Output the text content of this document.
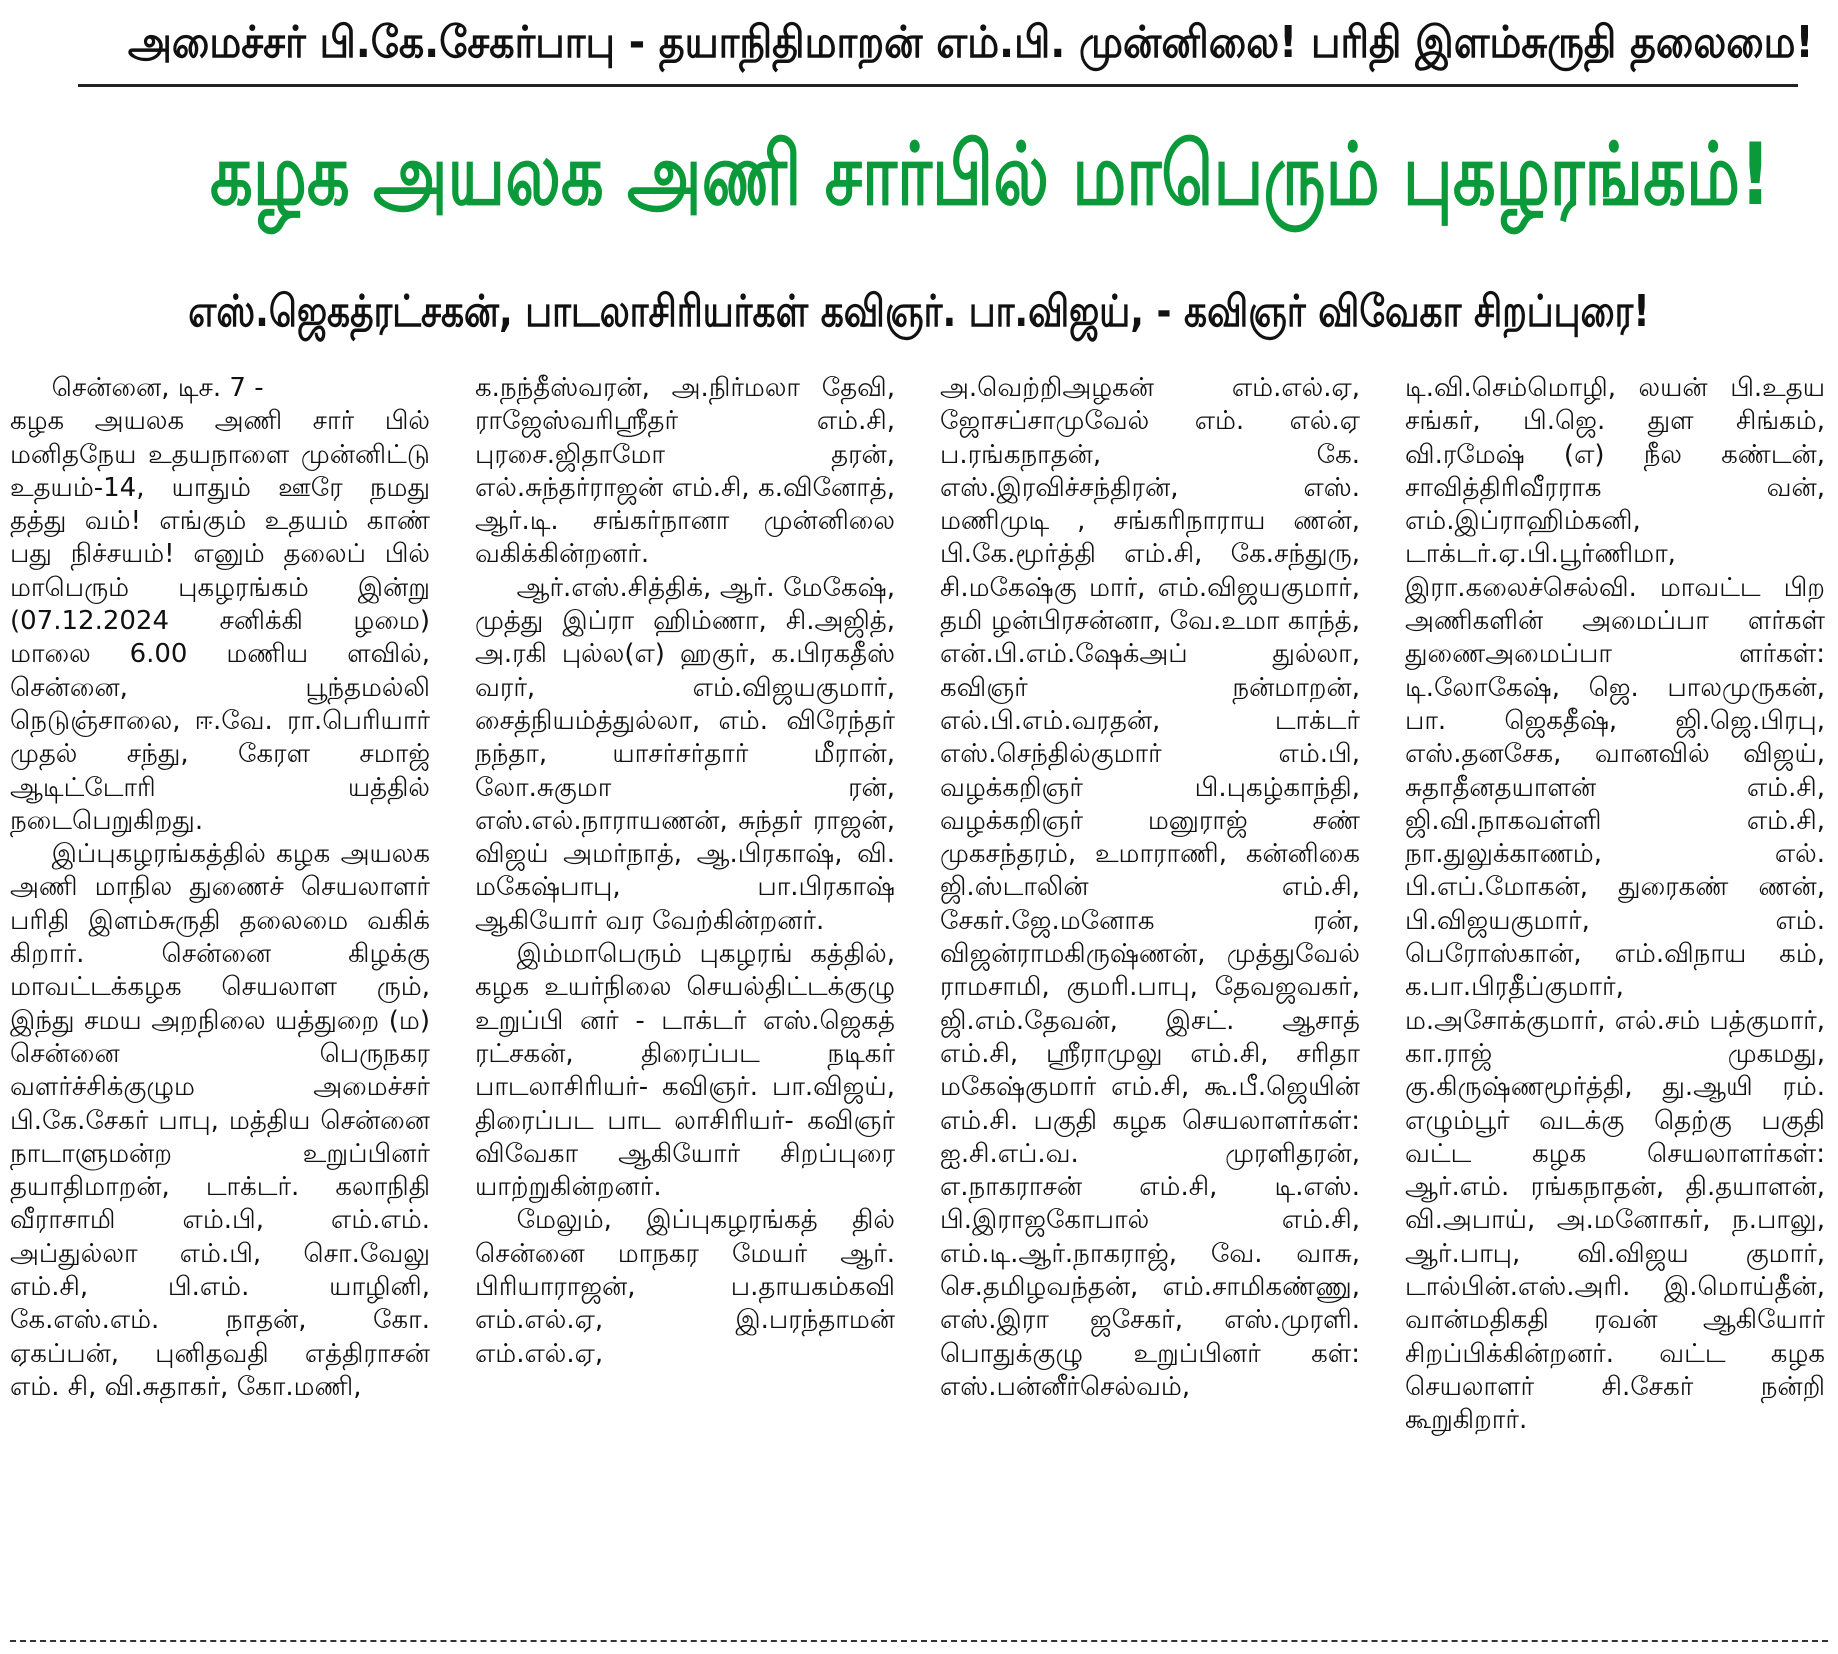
அமைச்சர் பி.கே.சேகர்பாபு - தயாநிதிமாறன் எம்.பி. முன்னிலை! பரிதி இளம்சுருதி தலைமை!
கழக அயலக அணி சார்பில் மாபெரும் புகழரங்கம்!
எஸ்.ஜெகத்ரட்சகன், பாடலாசிரியர்கள் கவிஞர். பா.விஜய், - கவிஞர் விவேகா சிறப்புரை!

சென்னை, டிச. 7 -

கழக அயலக அணி சார் பில் மனிதநேய உதயநாளை முன்னிட்டு உதயம்-14, யாதும் ஊரே நமது தத்து வம்! எங்கும் உதயம் காண் பது நிச்சயம்! எனும் தலைப் பில் மாபெரும் புகழரங்கம் இன்று (07.12.2024 சனிக்கி ழமை) மாலை 6.00 மணிய ளவில், சென்னை, பூந்தமல்லி நெடுஞ்சாலை, ஈ.வே. ரா.பெரியார் முதல் சந்து, கேரள சமாஜ் ஆடிட்டோரி யத்தில் நடைபெறுகிறது.

இப்புகழரங்கத்தில் கழக அயலக அணி மாநில துணைச் செயலாளர் பரிதி இளம்சுருதி தலைமை வகிக் கிறார். சென்னை கிழக்கு மாவட்டக்கழக செயலாள ரும், இந்து சமய அறநிலை யத்துறை (ம) சென்னை பெருநகர வளர்ச்சிக்குழும அமைச்சர் பி.கே.சேகர் பாபு, மத்திய சென்னை நாடாளுமன்ற உறுப்பினர் தயாதிமாறன், டாக்டர். கலாநிதி வீராசாமி எம்.பி, எம்.எம். அப்துல்லா எம்.பி, சொ.வேலு எம்.சி, பி.எம். யாழினி, கே.எஸ்.எம். நாதன், கோ. ஏகப்பன், புனிதவதி எத்திராசன் எம். சி, வி.சுதாகர், கோ.மணி,

க.நந்தீஸ்வரன், அ.நிர்மலா தேவி, ராஜேஸ்வரிஸ்ரீதர் எம்.சி, புரசை.ஜிதாமோ தரன், எல்.சுந்தர்ராஜன் எம்.சி, க.வினோத், ஆர்.டி. சங்கர்நானா முன்னிலை வகிக்கின்றனர்.

ஆர்.எஸ்.சித்திக், ஆர். மேகேஷ், முத்து இப்ரா ஹிம்ணா, சி.அஜித், அ.ரகி புல்ல(எ) ஹகுர், க.பிரகதீஸ் வரர், எம்.விஜயகுமார், சைத்நியம்த்துல்லா, எம். விரேந்தர் நந்தா, யாசர்சர்தார் மீரான், லோ.சுகுமா ரன், எஸ்.எல்.நாராயணன், சுந்தர் ராஜன், விஜய் அமர்நாத், ஆ.பிரகாஷ், வி. மகேஷ்பாபு, பா.பிரகாஷ் ஆகியோர் வர வேற்கின்றனர்.

இம்மாபெரும் புகழரங் கத்தில், கழக உயர்நிலை செயல்திட்டக்குழு உறுப்பி னர் - டாக்டர் எஸ்.ஜெகத் ரட்சகன், திரைப்பட நடிகர் பாடலாசிரியர்- கவிஞர். பா.விஜய், திரைப்பட பாட லாசிரியர்- கவிஞர் விவேகா ஆகியோர் சிறப்புரை யாற்றுகின்றனர்.

மேலும், இப்புகழரங்கத் தில் சென்னை மாநகர மேயர் ஆர். பிரியாராஜன், ப.தாயகம்கவி எம்.எல்.ஏ, இ.பரந்தாமன் எம்.எல்.ஏ,

அ.வெற்றிஅழகன் எம்.எல்.ஏ, ஜோசப்சாமுவேல் எம். எல்.ஏ ப.ரங்கநாதன், கே. எஸ்.இரவிச்சந்திரன், எஸ். மணிமுடி , சங்கரிநாராய ணன், பி.கே.மூர்த்தி எம்.சி, கே.சந்துரு, சி.மகேஷ்கு மார், எம்.விஜயகுமார், தமி ழன்பிரசன்னா, வே.உமா காந்த், என்.பி.எம்.ஷேக்அப் துல்லா, கவிஞர் நன்மாறன், எல்.பி.எம்.வரதன், டாக்டர் எஸ்.செந்தில்குமார் எம்.பி, வழக்கறிஞர் பி.புகழ்காந்தி, வழக்கறிஞர் மனுராஜ் சண் முகசந்தரம், உமாராணி, கன்னிகை ஜி.ஸ்டாலின் எம்.சி, சேகர்.ஜே.மனோக ரன், விஜன்ராமகிருஷ்ணன், முத்துவேல் ராமசாமி, குமரி.பாபு, தேவஜவகர், ஜி.எம்.தேவன், இசட். ஆசாத் எம்.சி, ஸ்ரீராமுலு எம்.சி, சரிதா மகேஷ்குமார் எம்.சி, கூ.பீ.ஜெயின் எம்.சி. பகுதி கழக செயலாளர்கள்: ஐ.சி.எப்.வ. முரளிதரன், எ.நாகராசன் எம்.சி, டி.எஸ். பி.இராஜகோபால் எம்.சி, எம்.டி.ஆர்.நாகராஜ், வே. வாசு, செ.தமிழவந்தன், எம்.சாமிகண்ணு, எஸ்.இரா ஜசேகர், எஸ்.முரளி. பொதுக்குழு உறுப்பினர் கள்: எஸ்.பன்னீர்செல்வம்,

டி.வி.செம்மொழி, லயன் பி.உதய சங்கர், பி.ஜெ. துள சிங்கம், வி.ரமேஷ் (எ) நீல கண்டன், சாவித்திரிவீரராக வன், எம்.இப்ராஹிம்கனி, டாக்டர்.ஏ.பி.பூர்ணிமா, இரா.கலைச்செல்வி. மாவட்ட பிற அணிகளின் அமைப்பா ளர்கள் துணைஅமைப்பா ளர்கள்: டி.லோகேஷ், ஜெ. பாலமுருகன், பா. ஜெகதீஷ், ஜி.ஜெ.பிரபு, எஸ்.தனசேக, வானவில் விஜய், சுதாதீனதயாளன் எம்.சி, ஜி.வி.நாகவள்ளி எம்.சி, நா.துலுக்காணம், எல். பி.எப்.மோகன், துரைகண் ணன், பி.விஜயகுமார், எம். பெரோஸ்கான், எம்.விநாய கம், க.பா.பிரதீப்குமார், ம.அசோக்குமார், எல்.சம் பத்குமார், கா.ராஜ் முகமது, கு.கிருஷ்ணமூர்த்தி, து.ஆயி ரம். எழும்பூர் வடக்கு தெற்கு பகுதி வட்ட கழக செயலாளர்கள்: ஆர்.எம். ரங்கநாதன், தி.தயாளன், வி.அபாய், அ.மனோகர், ந.பாலு, ஆர்.பாபு, வி.விஜய குமார், டால்பின்.எஸ்.அரி. இ.மொய்தீன், வான்மதிகதி ரவன் ஆகியோர் சிறப்பிக்கின்றனர். வட்ட கழக செயலாளர் சி.சேகர் நன்றி கூறுகிறார்.
